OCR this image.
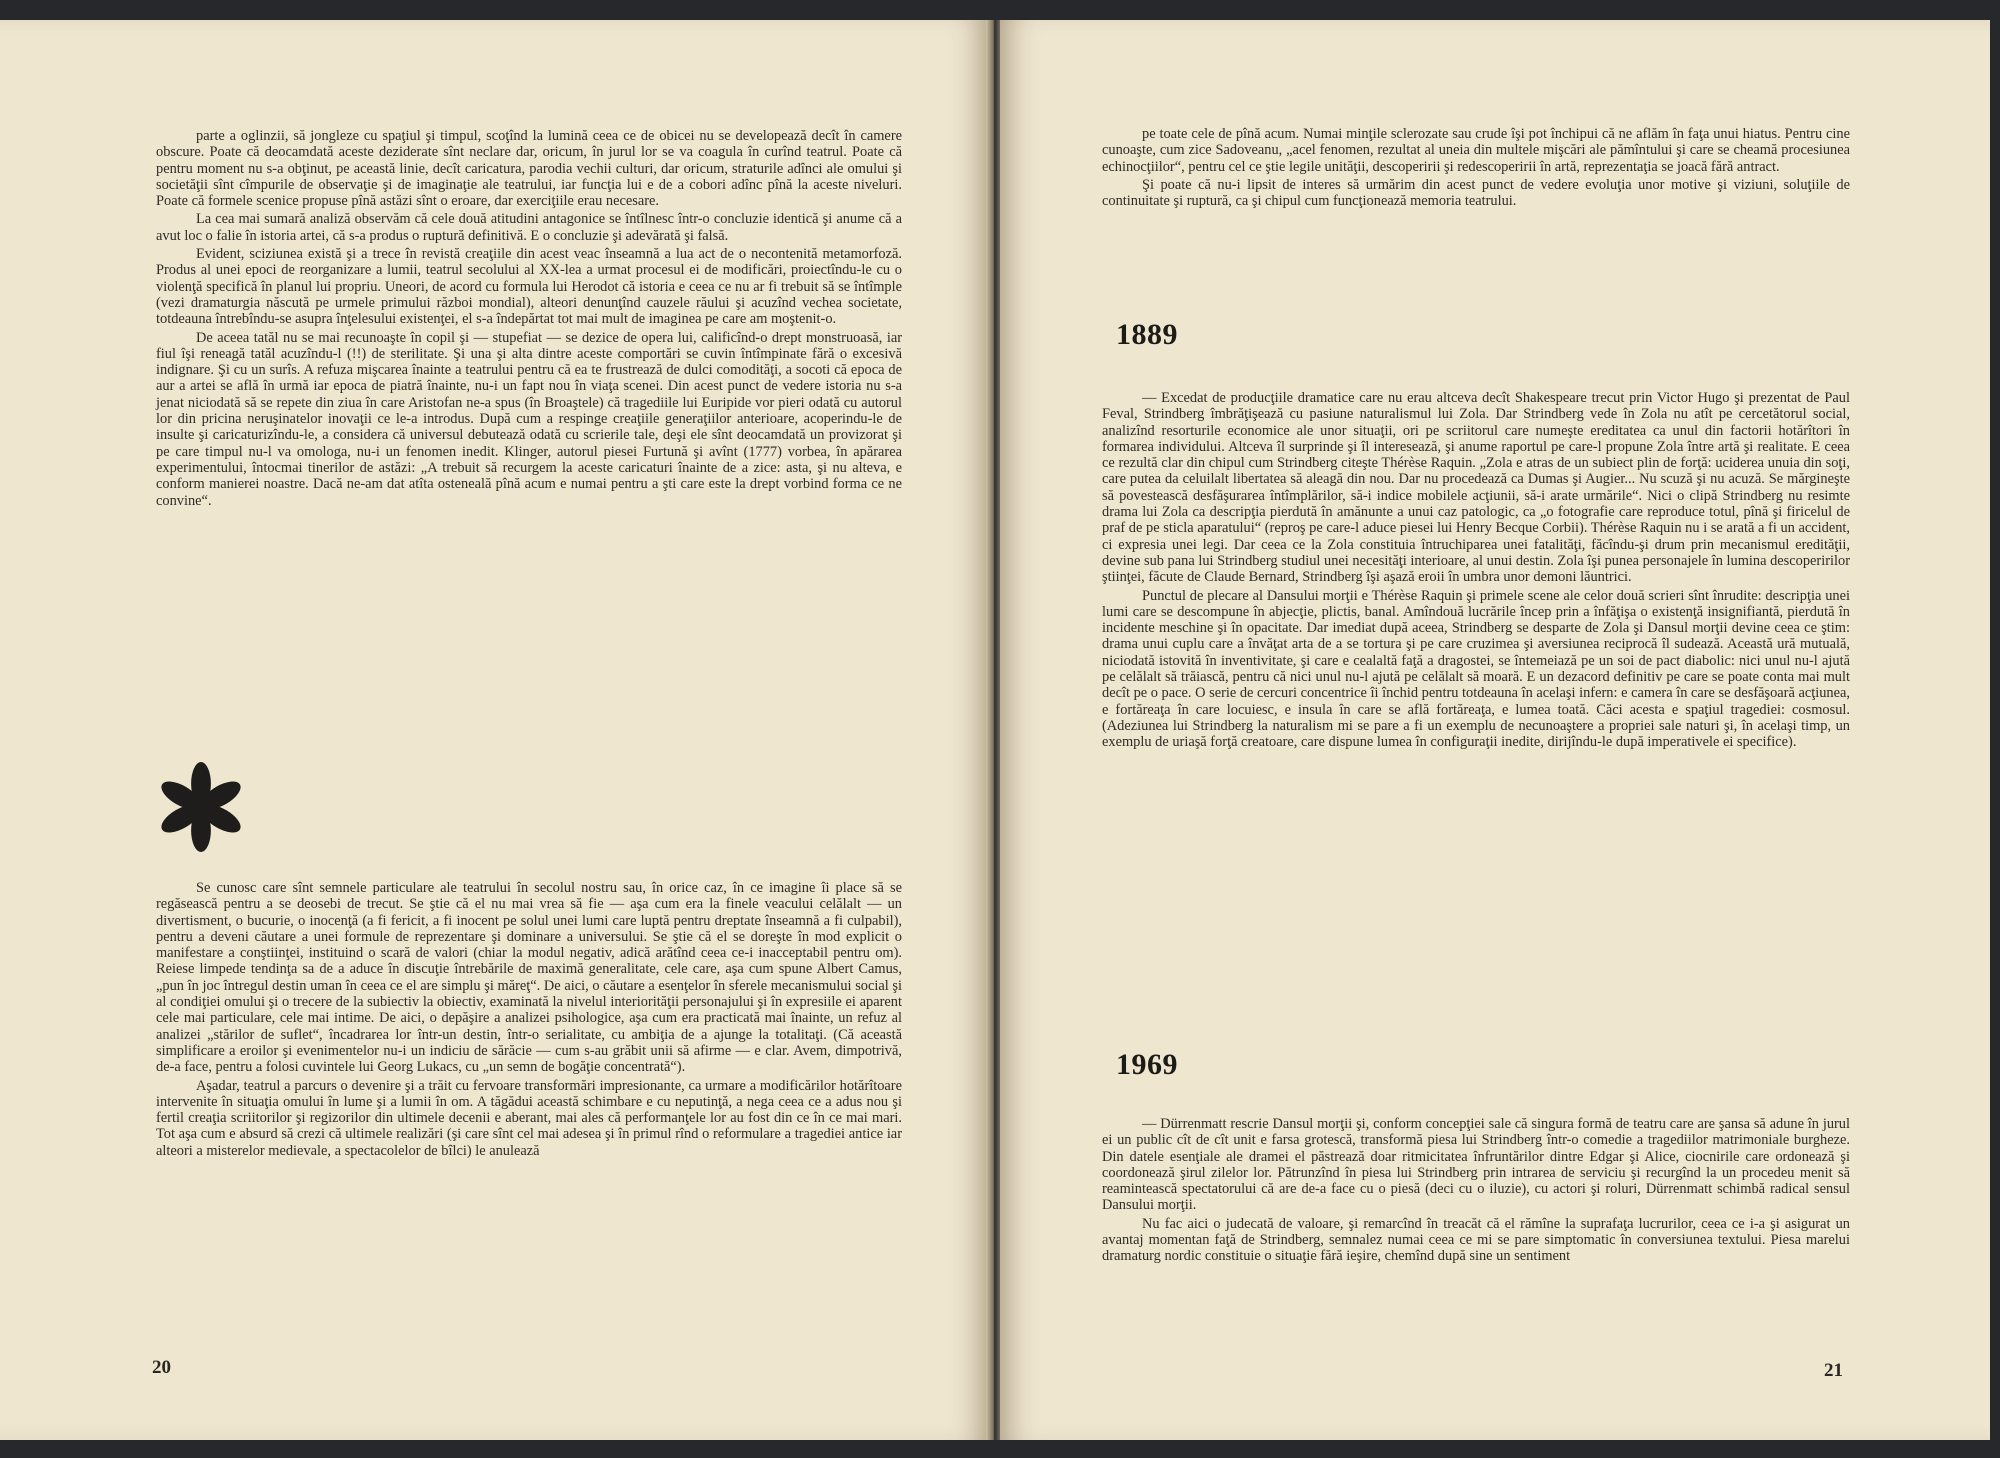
parte a oglinzii, să jongleze cu spaţiul şi timpul, scoţînd la lumină ceea ce de obicei nu se developează decît în camere obscure. Poate că deocamdată aceste deziderate sînt neclare dar, oricum, în jurul lor se va coagula în curînd teatrul. Poate că pentru moment nu s-a obţinut, pe această linie, decît caricatura, parodia vechii culturi, dar oricum, straturile adînci ale omului şi societăţii sînt cîmpurile de observaţie şi de imaginaţie ale teatrului, iar funcţia lui e de a cobori adînc pînă la aceste niveluri. Poate că formele scenice propuse pînă astăzi sînt o eroare, dar exerciţiile erau necesare.

La cea mai sumară analiză observăm că cele două atitudini antagonice se întîlnesc într-o concluzie identică şi anume că a avut loc o falie în istoria artei, că s-a produs o ruptură definitivă. E o concluzie şi adevărată şi falsă.

Evident, sciziunea există şi a trece în revistă creaţiile din acest veac înseamnă a lua act de o necontenită metamorfoză. Produs al unei epoci de reorganizare a lumii, teatrul secolului al XX-lea a urmat procesul ei de modificări, proiectîndu-le cu o violenţă specifică în planul lui propriu. Uneori, de acord cu formula lui Herodot că istoria e ceea ce nu ar fi trebuit să se întîmple (vezi dramaturgia născută pe urmele primului război mondial), alteori denunţînd cauzele răului şi acuzînd vechea societate, totdeauna întrebîndu-se asupra înţelesului existenţei, el s-a îndepărtat tot mai mult de imaginea pe care am moştenit-o.

De aceea tatăl nu se mai recunoaşte în copil şi — stupefiat — se dezice de opera lui, calificînd-o drept monstruoasă, iar fiul îşi reneagă tatăl acuzîndu-l (!!) de sterilitate. Şi una şi alta dintre aceste comportări se cuvin întîmpinate fără o excesivă indignare. Şi cu un surîs. A refuza mişcarea înainte a teatrului pentru că ea te frustrează de dulci comodităţi, a socoti că epoca de aur a artei se află în urmă iar epoca de piatră înainte, nu-i un fapt nou în viaţa scenei. Din acest punct de vedere istoria nu s-a jenat niciodată să se repete din ziua în care Aristofan ne-a spus (în Broaştele) că tragediile lui Euripide vor pieri odată cu autorul lor din pricina neruşinatelor inovaţii ce le-a introdus. După cum a respinge creaţiile generaţiilor anterioare, acoperindu-le de insulte şi caricaturizîndu-le, a considera că universul debutează odată cu scrierile tale, deşi ele sînt deocamdată un provizorat şi pe care timpul nu-l va omologa, nu-i un fenomen inedit. Klinger, autorul piesei Furtună şi avînt (1777) vorbea, în apărarea experimentului, întocmai tinerilor de astăzi: „A trebuit să recurgem la aceste caricaturi înainte de a zice: asta, şi nu alteva, e conform manierei noastre. Dacă ne-am dat atîta osteneală pînă acum e numai pentru a şti care este la drept vorbind forma ce ne convine“.

Se cunosc care sînt semnele particulare ale teatrului în secolul nostru sau, în orice caz, în ce imagine îi place să se regăsească pentru a se deosebi de trecut. Se ştie că el nu mai vrea să fie — aşa cum era la finele veacului celălalt — un divertisment, o bucurie, o inocenţă (a fi fericit, a fi inocent pe solul unei lumi care luptă pentru dreptate înseamnă a fi culpabil), pentru a deveni căutare a unei formule de reprezentare şi dominare a universului. Se ştie că el se doreşte în mod explicit o manifestare a conştiinţei, instituind o scară de valori (chiar la modul negativ, adică arătînd ceea ce-i inacceptabil pentru om). Reiese limpede tendinţa sa de a aduce în discuţie întrebările de maximă generalitate, cele care, aşa cum spune Albert Camus, „pun în joc întregul destin uman în ceea ce el are simplu şi măreţ“. De aici, o căutare a esenţelor în sferele mecanismului social şi al condiţiei omului şi o trecere de la subiectiv la obiectiv, examinată la nivelul interiorităţii personajului şi în expresiile ei aparent cele mai particulare, cele mai intime. De aici, o depăşire a analizei psihologice, aşa cum era practicată mai înainte, un refuz al analizei „stărilor de suflet“, încadrarea lor într-un destin, într-o serialitate, cu ambiţia de a ajunge la totalitaţi. (Că această simplificare a eroilor şi evenimentelor nu-i un indiciu de sărăcie — cum s-au grăbit unii să afirme — e clar. Avem, dimpotrivă, de-a face, pentru a folosi cuvintele lui Georg Lukacs, cu „un semn de bogăţie concentrată“).

Aşadar, teatrul a parcurs o devenire şi a trăit cu fervoare transformări impresionante, ca urmare a modificărilor hotărîtoare intervenite în situaţia omului în lume şi a lumii în om. A tăgădui această schimbare e cu neputinţă, a nega ceea ce a adus nou şi fertil creaţia scriitorilor şi regizorilor din ultimele decenii e aberant, mai ales că performanţele lor au fost din ce în ce mai mari. Tot aşa cum e absurd să crezi că ultimele realizări (şi care sînt cel mai adesea şi în primul rînd o reformulare a tragediei antice iar alteori a misterelor medievale, a spectacolelor de bîlci) le anulează

20

pe toate cele de pînă acum. Numai minţile sclerozate sau crude îşi pot închipui că ne aflăm în faţa unui hiatus. Pentru cine cunoaşte, cum zice Sadoveanu, „acel fenomen, rezultat al uneia din multele mişcări ale pămîntului şi care se cheamă procesiunea echinocţiilor“, pentru cel ce ştie legile unităţii, descoperirii şi redescoperirii în artă, reprezentaţia se joacă fără antract.

Şi poate că nu-i lipsit de interes să urmărim din acest punct de vedere evoluţia unor motive şi viziuni, soluţiile de continuitate şi ruptură, ca şi chipul cum funcţionează memoria teatrului.

1889

— Excedat de producţiile dramatice care nu erau altceva decît Shakespeare trecut prin Victor Hugo şi prezentat de Paul Feval, Strindberg îmbrăţişează cu pasiune naturalismul lui Zola. Dar Strindberg vede în Zola nu atît pe cercetătorul social, analizînd resorturile economice ale unor situaţii, ori pe scriitorul care numeşte ereditatea ca unul din factorii hotărîtori în formarea individului. Altceva îl surprinde şi îl interesează, şi anume raportul pe care-l propune Zola între artă şi realitate. E ceea ce rezultă clar din chipul cum Strindberg citeşte Thérèse Raquin. „Zola e atras de un subiect plin de forţă: uciderea unuia din soţi, care putea da celuilalt libertatea să aleagă din nou. Dar nu procedează ca Dumas şi Augier... Nu scuză şi nu acuză. Se mărgineşte să povestească desfăşurarea întîmplărilor, să-i indice mobilele acţiunii, să-i arate urmările“. Nici o clipă Strindberg nu resimte drama lui Zola ca descripţia pierdută în amănunte a unui caz patologic, ca „o fotografie care reproduce totul, pînă şi firicelul de praf de pe sticla aparatului“ (reproş pe care-l aduce piesei lui Henry Becque Corbii). Thérèse Raquin nu i se arată a fi un accident, ci expresia unei legi. Dar ceea ce la Zola constituia întruchiparea unei fatalităţi, făcîndu-şi drum prin mecanismul eredităţii, devine sub pana lui Strindberg studiul unei necesităţi interioare, al unui destin. Zola îşi punea personajele în lumina descoperirilor ştiinţei, făcute de Claude Bernard, Strindberg îşi aşază eroii în umbra unor demoni lăuntrici.

Punctul de plecare al Dansului morţii e Thérèse Raquin şi primele scene ale celor două scrieri sînt înrudite: descripţia unei lumi care se descompune în abjecţie, plictis, banal. Amîndouă lucrările încep prin a înfăţişa o existenţă insignifiantă, pierdută în incidente meschine şi în opacitate. Dar imediat după aceea, Strindberg se desparte de Zola şi Dansul morţii devine ceea ce ştim: drama unui cuplu care a învăţat arta de a se tortura şi pe care cruzimea şi aversiunea reciprocă îl sudează. Această ură mutuală, niciodată istovită în inventivitate, şi care e cealaltă faţă a dragostei, se întemeiază pe un soi de pact diabolic: nici unul nu-l ajută pe celălalt să trăiască, pentru că nici unul nu-l ajută pe celălalt să moară. E un dezacord definitiv pe care se poate conta mai mult decît pe o pace. O serie de cercuri concentrice îi închid pentru totdeauna în acelaşi infern: e camera în care se desfăşoară acţiunea, e fortăreaţa în care locuiesc, e insula în care se află fortăreaţa, e lumea toată. Căci acesta e spaţiul tragediei: cosmosul. (Adeziunea lui Strindberg la naturalism mi se pare a fi un exemplu de necunoaştere a propriei sale naturi şi, în acelaşi timp, un exemplu de uriaşă forţă creatoare, care dispune lumea în configuraţii inedite, dirijîndu-le după imperativele ei specifice).

1969

— Dürrenmatt rescrie Dansul morţii şi, conform concepţiei sale că singura formă de teatru care are şansa să adune în jurul ei un public cît de cît unit e farsa grotescă, transformă piesa lui Strindberg într-o comedie a tragediilor matrimoniale burgheze. Din datele esenţiale ale dramei el păstrează doar ritmicitatea înfruntărilor dintre Edgar şi Alice, ciocnirile care ordonează şi coordonează şirul zilelor lor. Pătrunzînd în piesa lui Strindberg prin intrarea de serviciu şi recurgînd la un procedeu menit să reamintească spectatorului că are de-a face cu o piesă (deci cu o iluzie), cu actori şi roluri, Dürrenmatt schimbă radical sensul Dansului morţii.

Nu fac aici o judecată de valoare, şi remarcînd în treacăt că el rămîne la suprafaţa lucrurilor, ceea ce i-a şi asigurat un avantaj momentan faţă de Strindberg, semnalez numai ceea ce mi se pare simptomatic în conversiunea textului. Piesa marelui dramaturg nordic constituie o situaţie fără ieşire, chemînd după sine un sentiment

21
